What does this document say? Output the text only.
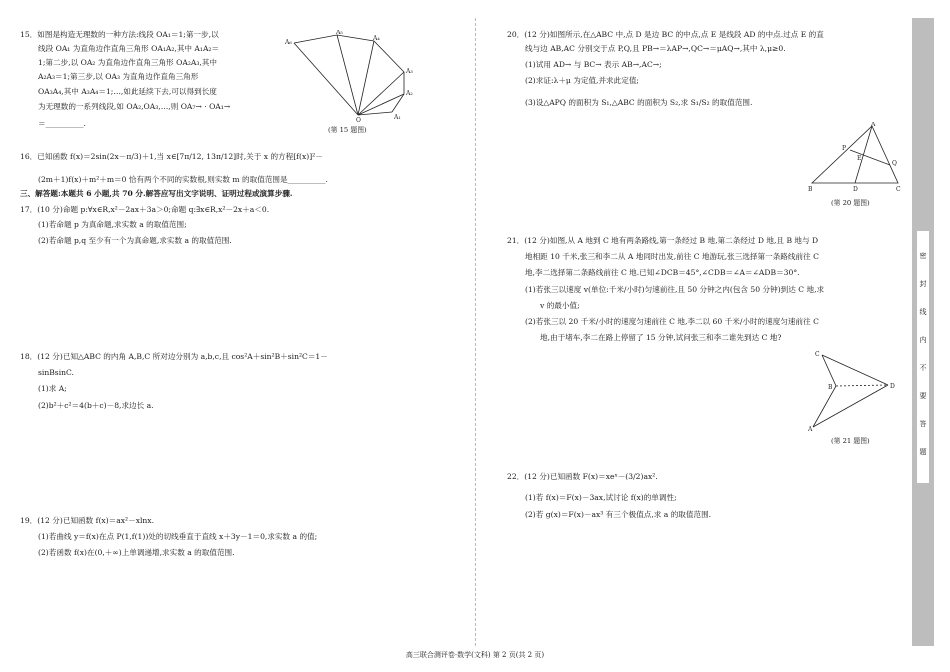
15．如图是构造无理数的一种方法:线段 OA₁＝1;第一步,以
线段 OA₁ 为直角边作直角三角形 OA₁A₂,其中 A₁A₂＝
1;第二步,以 OA₂ 为直角边作直角三角形 OA₂A₃,其中
A₂A₃＝1;第三步,以 OA₃ 为直角边作直角三角形
OA₃A₄,其中 A₃A₄＝1;…,如此延续下去,可以得到长度
为无理数的一系列线段,如 OA₂,OA₃,…,则 OA₇→ · OA₁→
＝__________.
16．已知函数 f(x)＝2sin(2x－π/3)＋1,当 x∈[7π/12, 13π/12]时,关于 x 的方程[f(x)]²－
(2m＋1)f(x)＋m²＋m＝0 恰有两个不同的实数根,则实数 m 的取值范围是__________.
三、解答题:本题共 6 小题,共 70 分.解答应写出文字说明、证明过程或演算步骤.
17．(10 分)命题 p:∀x∈R,x²－2ax＋3a＞0;命题 q:∃x∈R,x²－2x＋a＜0.
(1)若命题 p 为真命题,求实数 a 的取值范围;
(2)若命题 p,q 至少有一个为真命题,求实数 a 的取值范围.
18．(12 分)已知△ABC 的内角 A,B,C 所对边分别为 a,b,c,且 cos²A＋sin²B＋sin²C＝1－
sinBsinC.
(1)求 A;
(2)b²＋c²＝4(b＋c)－8,求边长 a.
19．(12 分)已知函数 f(x)＝ax²－xlnx.
(1)若曲线 y＝f(x)在点 P(1,f(1))处的切线垂直于直线 x＋3y－1＝0,求实数 a 的值;
(2)若函数 f(x)在(0,＋∞)上单调递增,求实数 a 的取值范围.
A₆
A₅
A₄
A₃
A₂
A₁
O
(第 15 题图)
20．(12 分)如图所示,在△ABC 中,点 D 是边 BC 的中点,点 E 是线段 AD 的中点.过点 E 的直
线与边 AB,AC 分别交于点 P,Q,且 PB→＝λAP→,QC→＝μAQ→,其中 λ,μ≥0.
(1)试用 AD→ 与 BC→ 表示 AB→,AC→;
(2)求证:λ＋μ 为定值,并求此定值;
(3)设△APQ 的面积为 S₁,△ABC 的面积为 S₂,求 S₁/S₂ 的取值范围.
A
P
E
Q
B	D	C
(第 20 题图)
21．(12 分)如图,从 A 地到 C 地有两条路线,第一条经过 B 地,第二条经过 D 地,且 B 地与 D
地相距 10 千米,张三和李二从 A 地同时出发,前往 C 地游玩,张三选择第一条路线前往 C
地,李二选择第二条路线前往 C 地.已知∠DCB＝45°,∠CDB＝∠A＝∠ADB＝30°.
(1)若张三以速度 v(单位:千米/小时)匀速前往,且 50 分钟之内(包含 50 分钟)到达 C 地,求
v 的最小值;
(2)若张三以 20 千米/小时的速度匀速前往 C 地,李二以 60 千米/小时的速度匀速前往 C
地,由于堵车,李二在路上停留了 15 分钟,试问张三和李二谁先到达 C 地?
C
B	D
A
(第 21 题图)
22．(12 分)已知函数 F(x)＝xeˣ－(3/2)ax².
(1)若 f(x)＝F(x)－3ax,试讨论 f(x)的单调性;
(2)若 g(x)＝F(x)－ax³ 有三个极值点,求 a 的取值范围.
密
封
线
内
不
要
答
题
高三联合测评卷·数学(文科) 第 2 页(共 2 页)
